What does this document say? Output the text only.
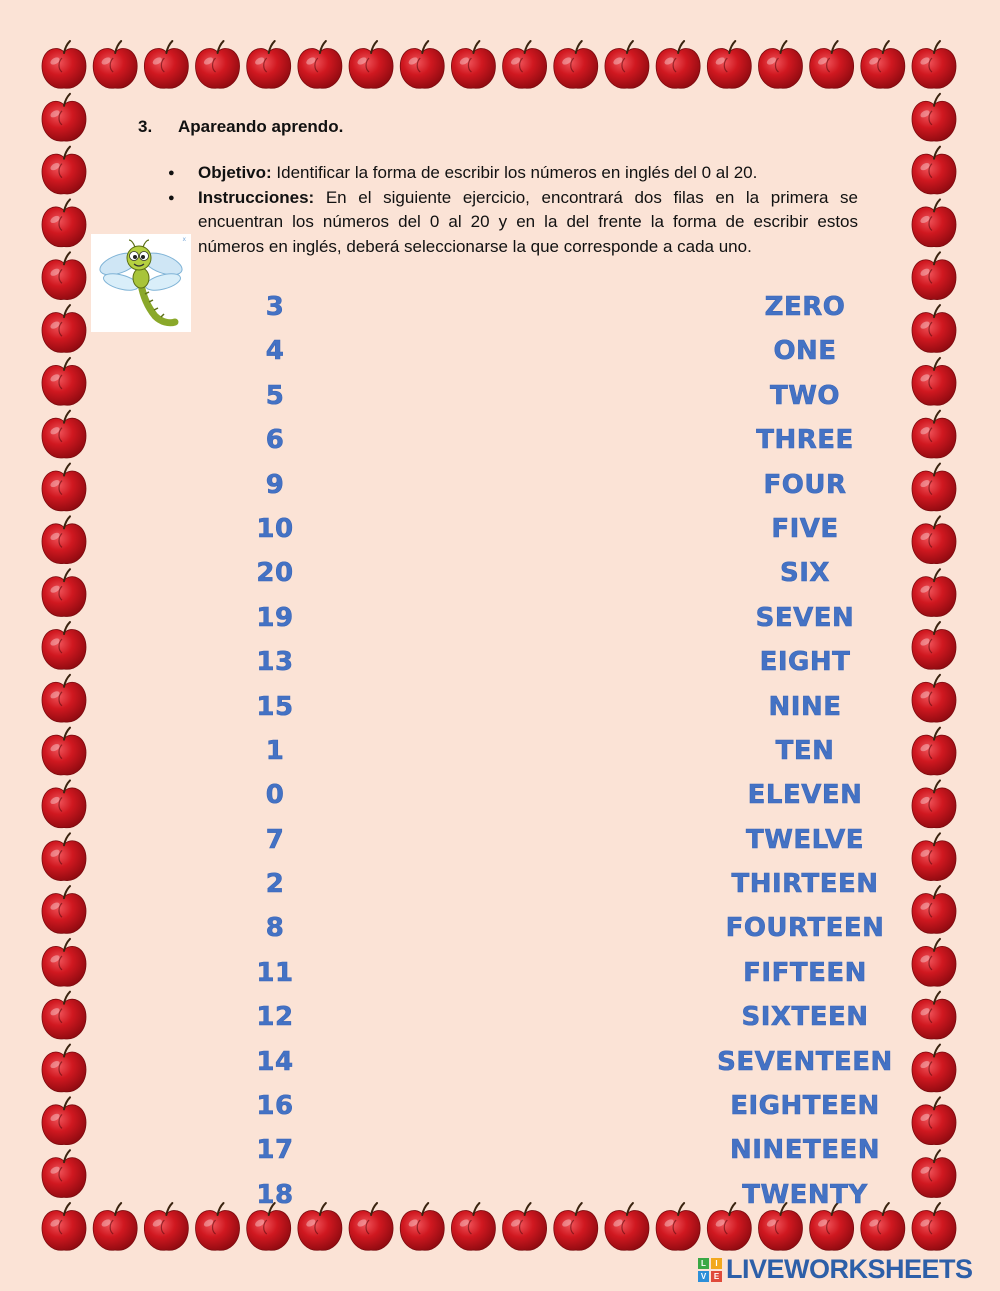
3. Apareando aprendo.
● Objetivo: Identificar la forma de escribir los números en inglés del 0 al 20.
● Instrucciones: En el siguiente ejercicio, encontrará dos filas en la primera se encuentran los números del 0 al 20 y en la del frente la forma de escribir estos números en inglés, deberá seleccionarse la que corresponde a cada uno.
x
3
4
5
6
9
10
20
19
13
15
1
0
7
2
8
11
12
14
16
17
18
ZERO
ONE
TWO
THREE
FOUR
FIVE
SIX
SEVEN
EIGHT
NINE
TEN
ELEVEN
TWELVE
THIRTEEN
FOURTEEN
FIFTEEN
SIXTEEN
SEVENTEEN
EIGHTEEN
NINETEEN
TWENTY
L	I
V E LIVEWORKSHEETS
